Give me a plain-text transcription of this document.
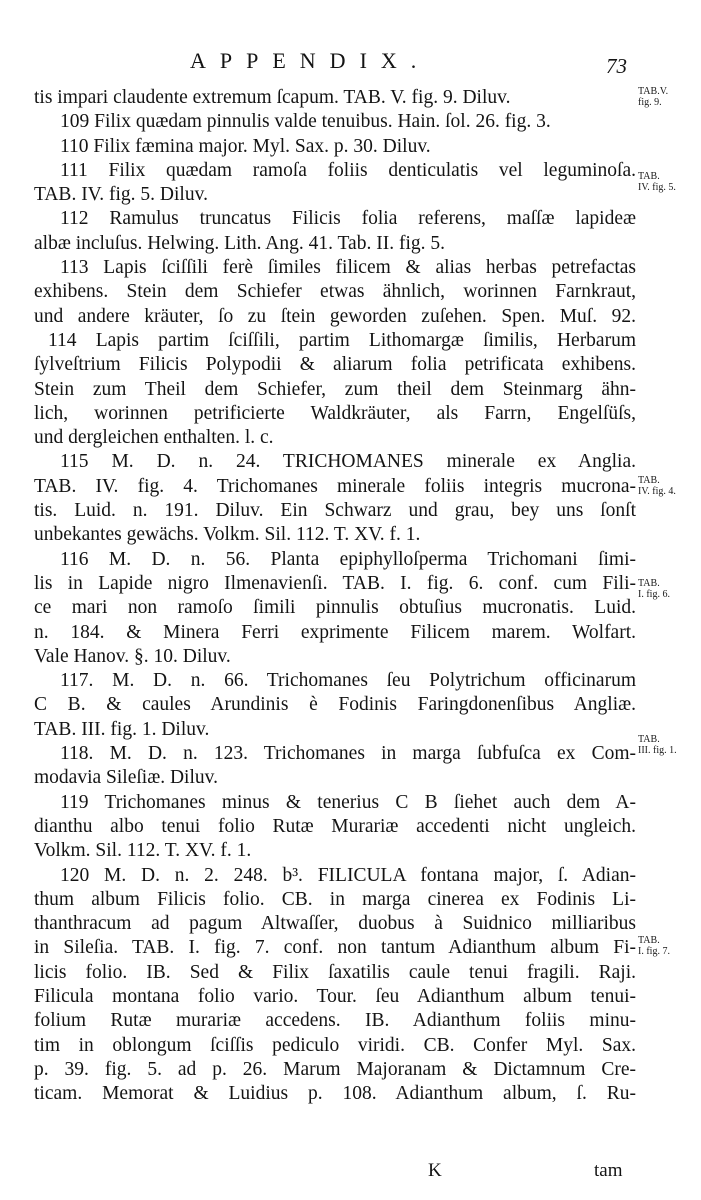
APPENDIX.	73
tis impari claudente extremum ſcapum. TAB. V. fig. 9. Diluv.
109 Filix quædam pinnulis valde tenuibus. Hain. ſol. 26. fig. 3.
110 Filix fæmina major. Myl. Sax. p. 30. Diluv.
111 Filix quædam ramoſa foliis denticulatis vel leguminoſa.
TAB. IV. fig. 5. Diluv.
112 Ramulus truncatus Filicis folia referens, maſſæ lapideæ
albæ incluſus. Helwing. Lith. Ang. 41. Tab. II. fig. 5.
113 Lapis ſciſſili ferè ſimiles filicem & alias herbas petrefactas
exhibens. Stein dem Schiefer etwas ähnlich, worinnen Farnkraut,
und andere kräuter, ſo zu ſtein geworden zuſehen. Spen. Muſ. 92.
114 Lapis partim ſciſſili, partim Lithomargæ ſimilis, Herbarum
ſylveſtrium Filicis Polypodii & aliarum folia petrificata exhibens.
Stein zum Theil dem Schiefer, zum theil dem Steinmarg ähn-
lich, worinnen petrificierte Waldkräuter, als Farrn, Engelſüſs,
und dergleichen enthalten. l. c.
115 M. D. n. 24. TRICHOMANES minerale ex Anglia.
TAB. IV. fig. 4. Trichomanes minerale foliis integris mucrona-
tis. Luid. n. 191. Diluv. Ein Schwarz und grau, bey uns ſonſt
unbekantes gewächs. Volkm. Sil. 112. T. XV. f. 1.
116 M. D. n. 56. Planta epiphylloſperma Trichomani ſimi-
lis in Lapide nigro Ilmenavienſi. TAB. I. fig. 6. conf. cum Fili-
ce mari non ramoſo ſimili pinnulis obtuſius mucronatis. Luid.
n. 184. & Minera Ferri exprimente Filicem marem. Wolfart.
Vale Hanov. §. 10. Diluv.
117. M. D. n. 66. Trichomanes ſeu Polytrichum officinarum
C B. & caules Arundinis è Fodinis Faringdonenſibus Angliæ.
TAB. III. fig. 1. Diluv.
118. M. D. n. 123. Trichomanes in marga ſubfuſca ex Com-
modavia Sileſiæ. Diluv.
119 Trichomanes minus & tenerius C B ſiehet auch dem A-
dianthu albo tenui folio Rutæ Murariæ accedenti nicht ungleich.
Volkm. Sil. 112. T. XV. f. 1.
120 M. D. n. 2. 248. b³. FILICULA fontana major, ſ. Adian-
thum album Filicis folio. CB. in marga cinerea ex Fodinis Li-
thanthracum ad pagum Altwaſſer, duobus à Suidnico milliaribus
in Sileſia. TAB. I. fig. 7. conf. non tantum Adianthum album Fi-
licis folio. IB. Sed & Filix ſaxatilis caule tenui fragili. Raji.
Filicula montana folio vario. Tour. ſeu Adianthum album tenui-
folium Rutæ murariæ accedens. IB. Adianthum foliis minu-
tim in oblongum ſciſſis pediculo viridi. CB. Confer Myl. Sax.
p. 39. fig. 5. ad p. 26. Marum Majoranam & Dictamnum Cre-
ticam. Memorat & Luidius p. 108. Adianthum album, ſ. Ru-
TAB.V.
fig. 9.
TAB.
IV. fig. 5.
TAB.
IV. fig. 4.
TAB.
I. fig. 6.
TAB.
III. fig. 1.
TAB.
I. fig. 7.
K	tam
